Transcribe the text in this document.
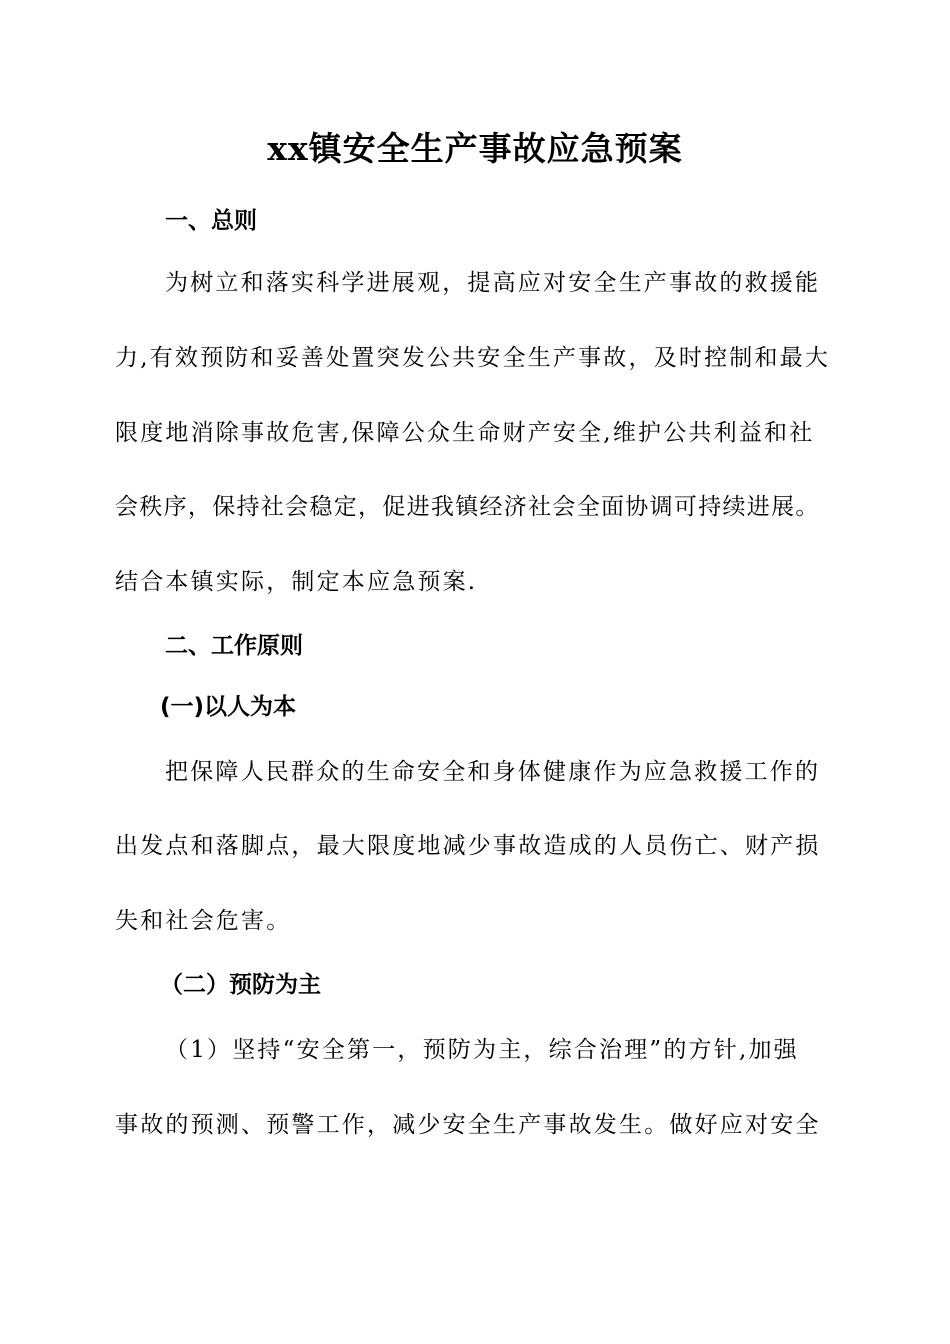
xx镇安全生产事故应急预案
一、总则
为树立和落实科学进展观，提高应对安全生产事故的救援能
力,有效预防和妥善处置突发公共安全生产事故，及时控制和最大
限度地消除事故危害,保障公众生命财产安全,维护公共利益和社
会秩序，保持社会稳定，促进我镇经济社会全面协调可持续进展。
结合本镇实际，制定本应急预案.
二、工作原则
(一)以人为本
把保障人民群众的生命安全和身体健康作为应急救援工作的
出发点和落脚点，最大限度地减少事故造成的人员伤亡、财产损
失和社会危害。
（二）预防为主
（1）坚持“安全第一，预防为主，综合治理”的方针,加强
事故的预测、预警工作，减少安全生产事故发生。做好应对安全
